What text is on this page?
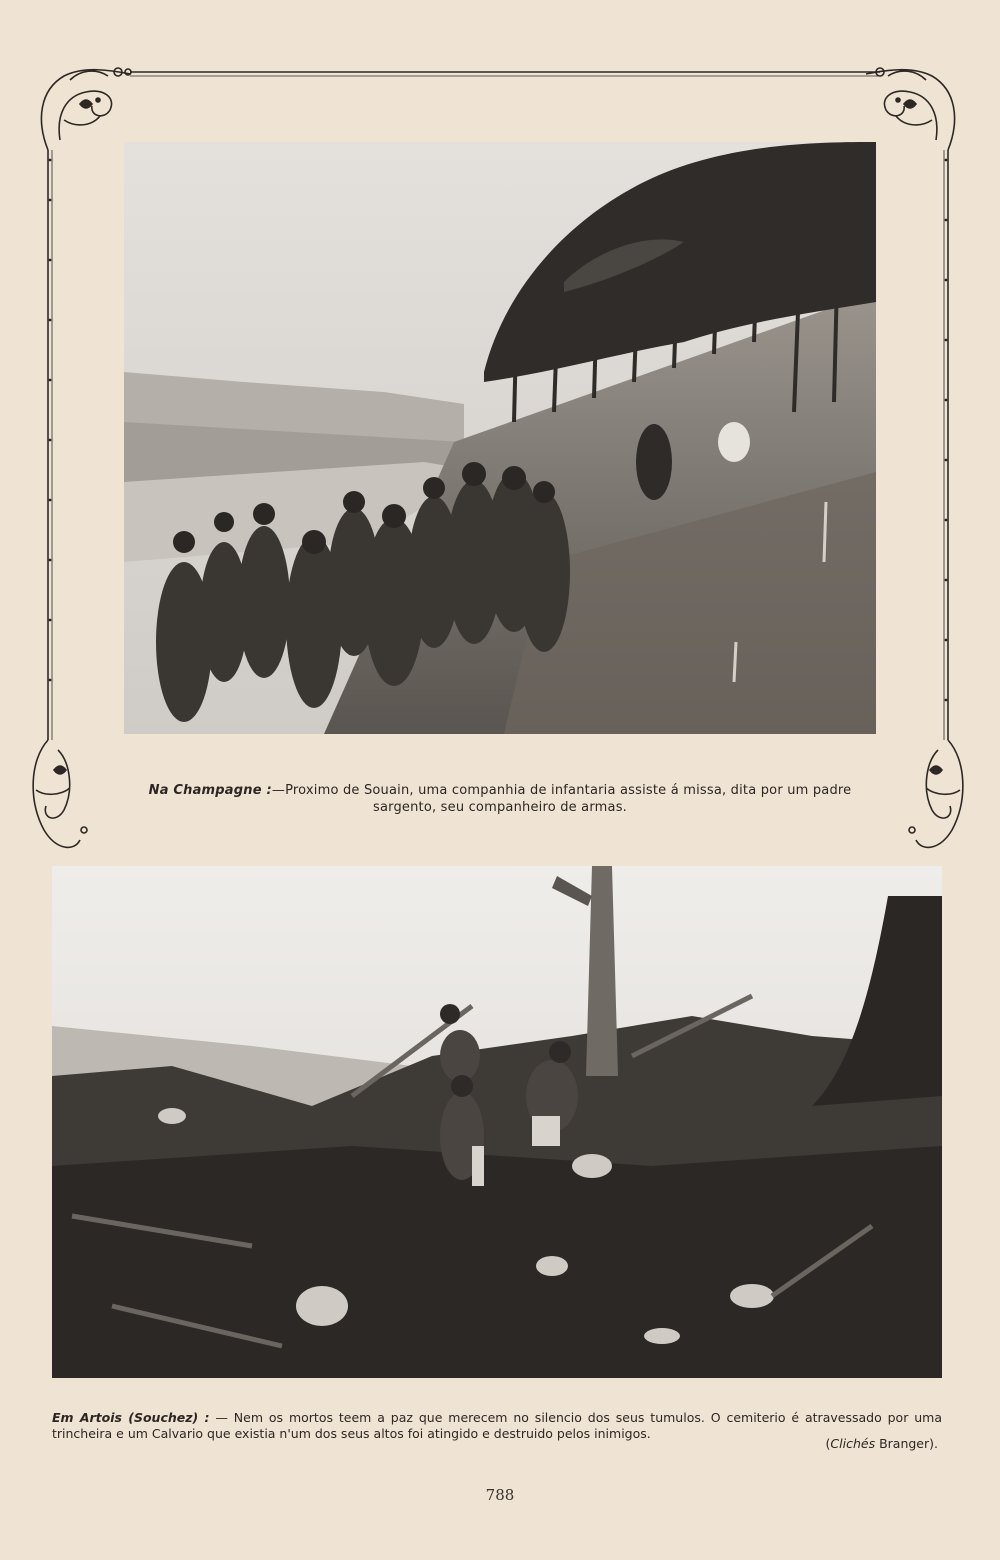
Na Champagne :—Proximo de Souain, uma companhia de infantaria assiste á missa, dita por um padre sargento, seu companheiro de armas.
Em Artois (Souchez) : — Nem os mortos teem a paz que merecem no silencio dos seus tumulos. O cemiterio é atravessado por uma trincheira e um Calvario que existia n'um dos seus altos foi atingido e destruido pelos inimigos.
(Clichés Branger).
788
